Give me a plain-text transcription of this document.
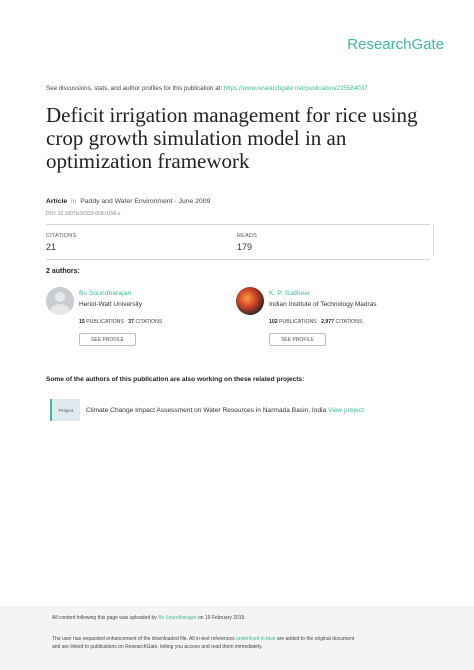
ResearchGate
See discussions, stats, and author profiles for this publication at: https://www.researchgate.net/publication/225584037
Deficit irrigation management for rice using crop growth simulation model in an optimization framework
Article in Paddy and Water Environment · June 2009
DOI: 10.1007/s10333-009-0156-z
CITATIONS
21
READS
179
2 authors:
Bs Soundharajan
Heriot-Watt University
15 PUBLICATIONS 37 CITATIONS
SEE PROFILE
K. P. Sudheer
Indian Institute of Technology Madras
102 PUBLICATIONS 2,977 CITATIONS
SEE PROFILE
Some of the authors of this publication are also working on these related projects:
Project	Climate Change Impact Assessment on Water Resources in Narmada Basin, India View project
All content following this page was uploaded by Bs Soundharajan on 19 February 2015.
The user has requested enhancement of the downloaded file. All in-text references underlined in blue are added to the original document
and are linked to publications on ResearchGate, letting you access and read them immediately.
